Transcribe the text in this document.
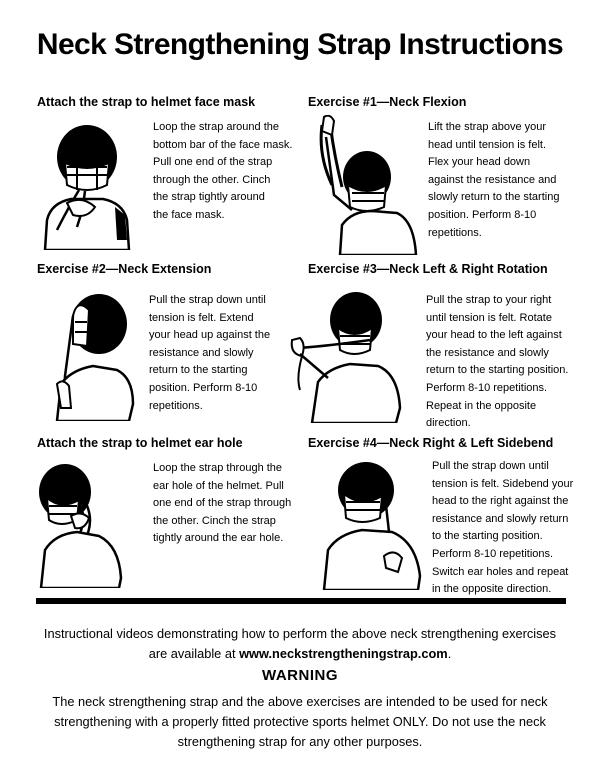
Neck Strengthening Strap Instructions
Attach the strap to helmet face mask

Loop the strap around the
bottom bar of the face mask.
Pull one end of the strap
through the other. Cinch
the strap tightly around
the face mask.

Exercise #1—Neck Flexion

Lift the strap above your
head until tension is felt.
Flex your head down
against the resistance and
slowly return to the starting
position. Perform 8-10
repetitions.

Exercise #2—Neck Extension

Pull the strap down until
tension is felt. Extend
your head up against the
resistance and slowly
return to the starting
position. Perform 8-10
repetitions.

Exercise #3—Neck Left & Right Rotation

Pull the strap to your right
until tension is felt. Rotate
your head to the left against
the resistance and slowly
return to the starting position.
Perform 8-10 repetitions.
Repeat in the opposite
direction.

Attach the strap to helmet ear hole

Loop the strap through the
ear hole of the helmet. Pull
one end of the strap through
the other. Cinch the strap
tightly around the ear hole.

Exercise #4—Neck Right & Left Sidebend

Pull the strap down until
tension is felt. Sidebend your
head to the right against the
resistance and slowly return
to the starting position.
Perform 8-10 repetitions.
Switch ear holes and repeat
in the opposite direction.

Instructional videos demonstrating how to perform the above neck strengthening exercises
are available at www.neckstrengtheningstrap.com.
WARNING
The neck strengthening strap and the above exercises are intended to be used for neck
strengthening with a properly fitted protective sports helmet ONLY. Do not use the neck
strengthening strap for any other purposes.
